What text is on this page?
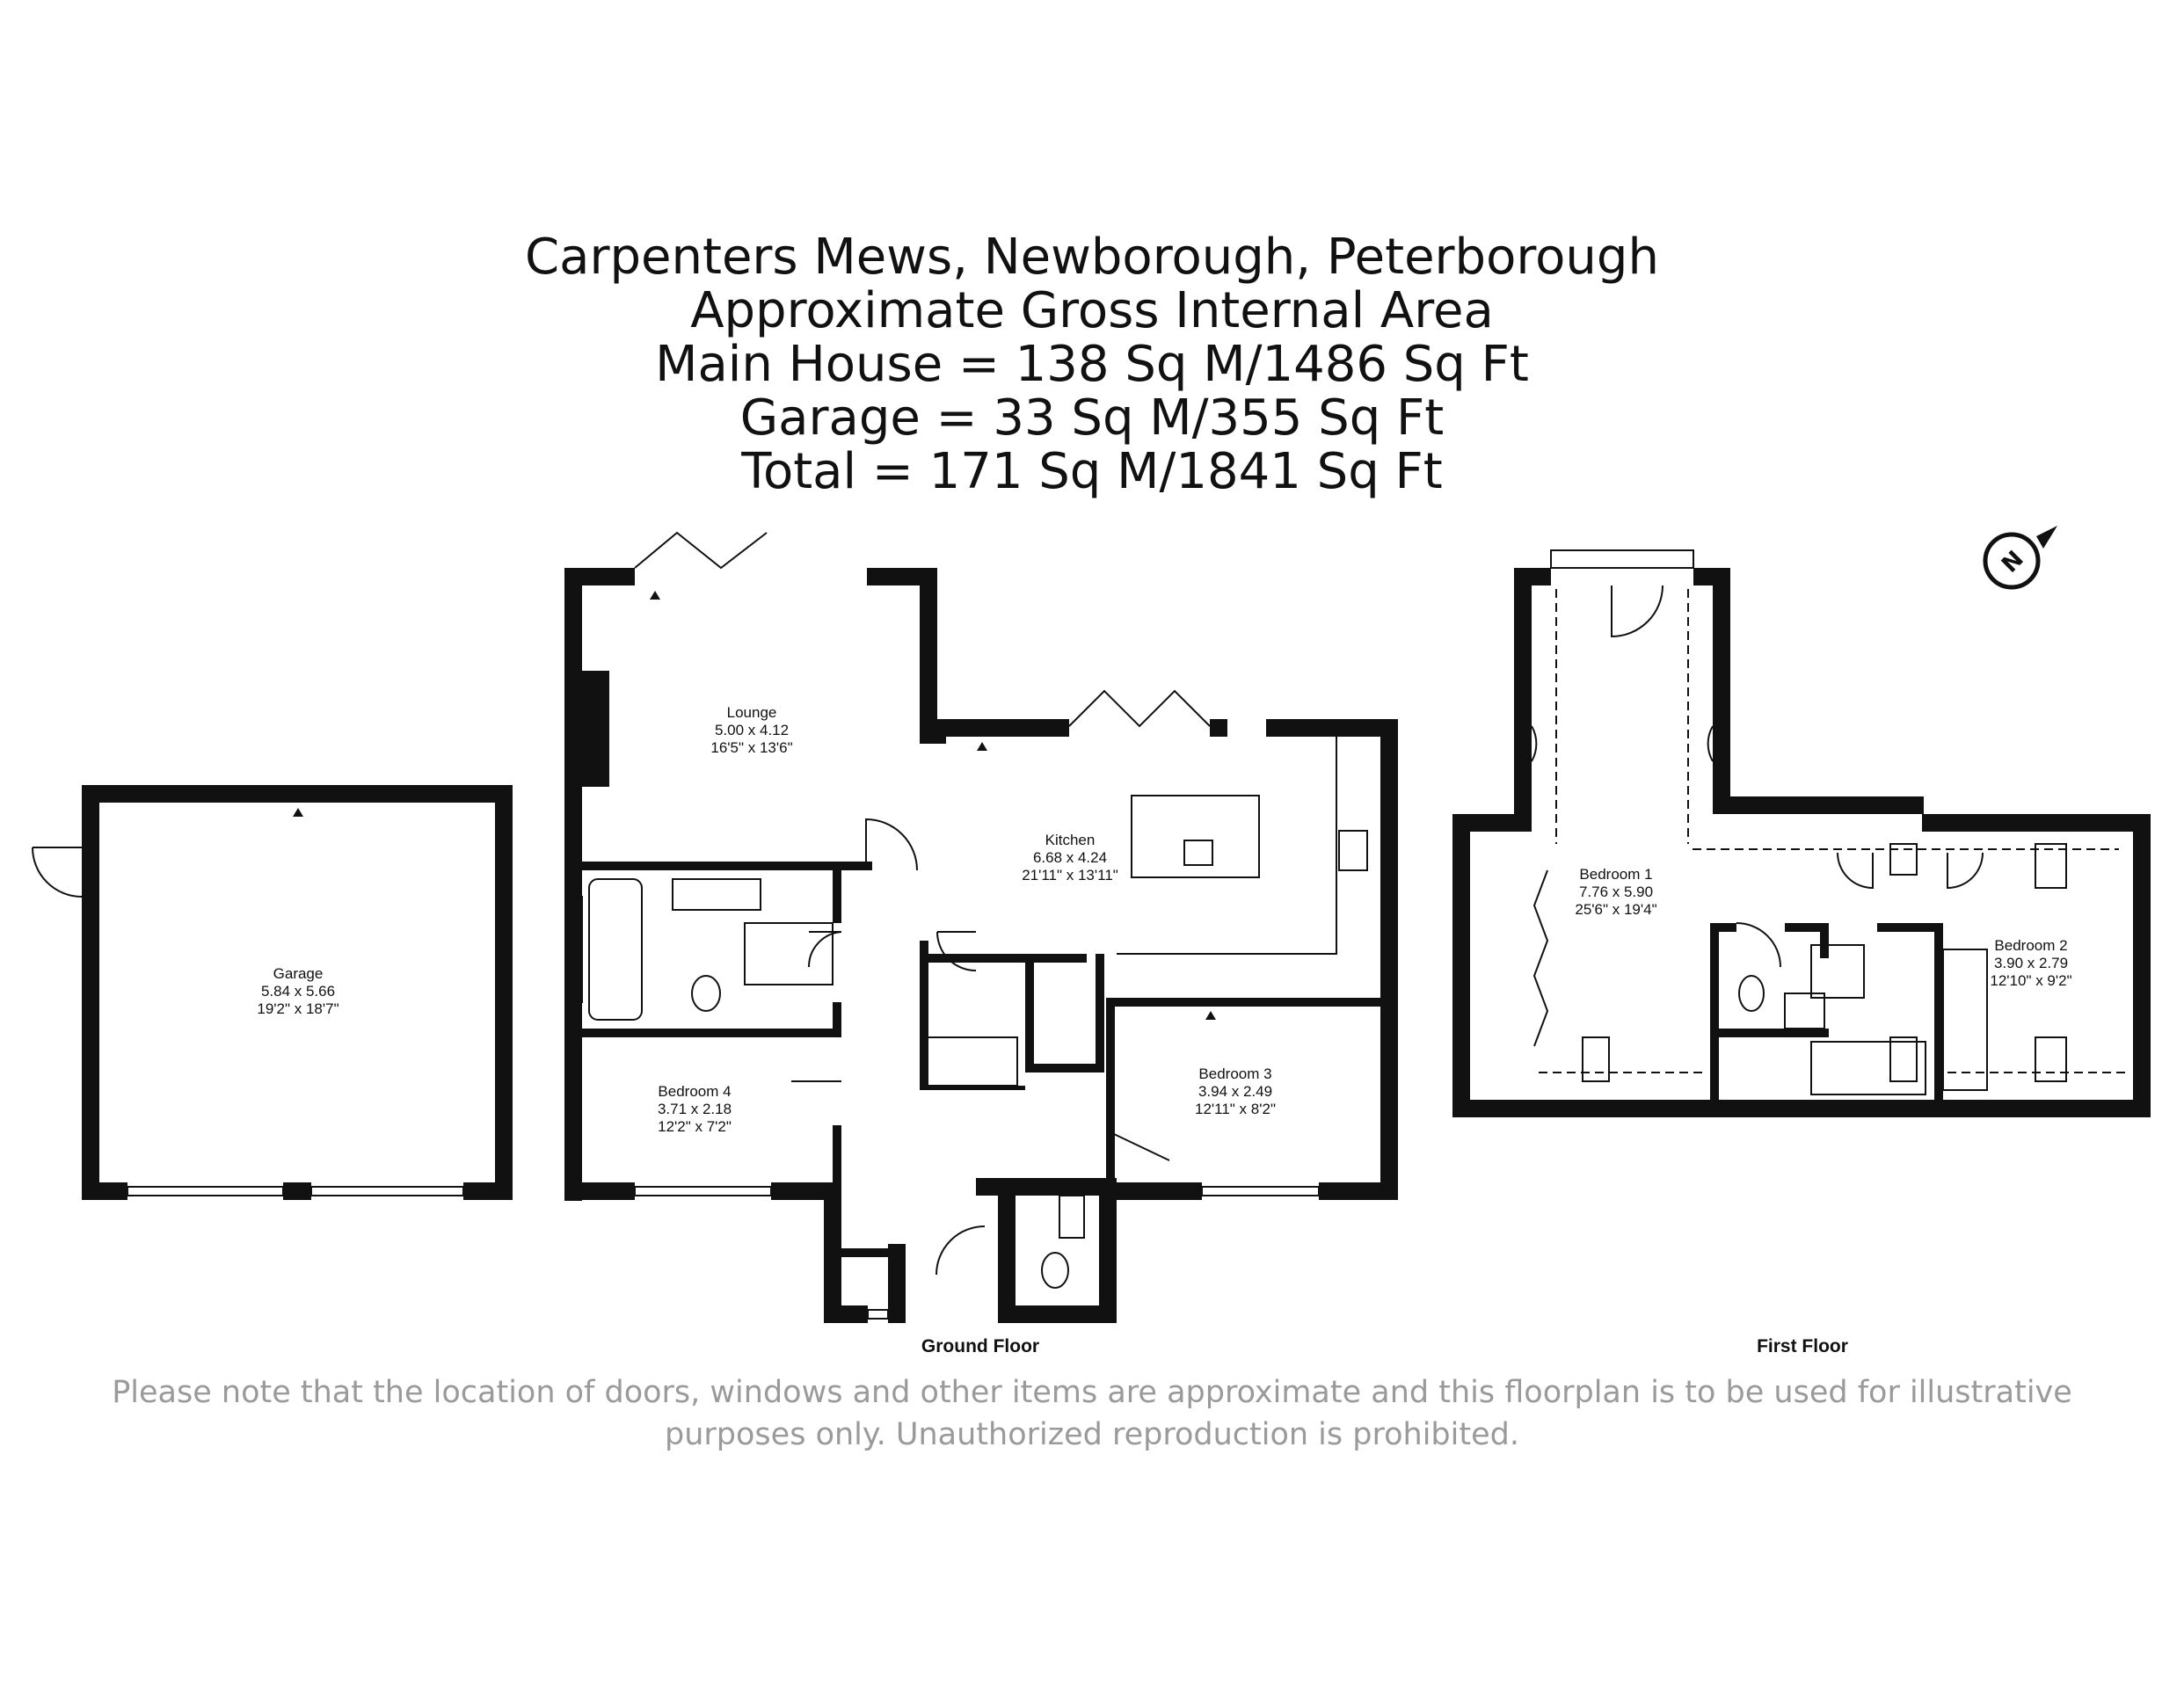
Carpenters Mews, Newborough, Peterborough
Approximate Gross Internal Area
Main House = 138 Sq M/1486 Sq Ft
Garage = 33 Sq M/355 Sq Ft
Total = 171 Sq M/1841 Sq Ft
N
Garage
5.84 x 5.66
19'2" x 18'7"
Lounge
5.00 x 4.12
16'5" x 13'6"
Kitchen
6.68 x 4.24
21'11" x 13'11"
Bedroom 4
3.71 x 2.18
12'2" x 7'2"
Bedroom 3
3.94 x 2.49
12'11" x 8'2"
Bedroom 1
7.76 x 5.90
25'6" x 19'4"
Bedroom 2
3.90 x 2.79
12'10" x 9'2"
Ground Floor	First Floor
Please note that the location of doors, windows and other items are approximate and this floorplan is to be used for illustrative
purposes only. Unauthorized reproduction is prohibited.
